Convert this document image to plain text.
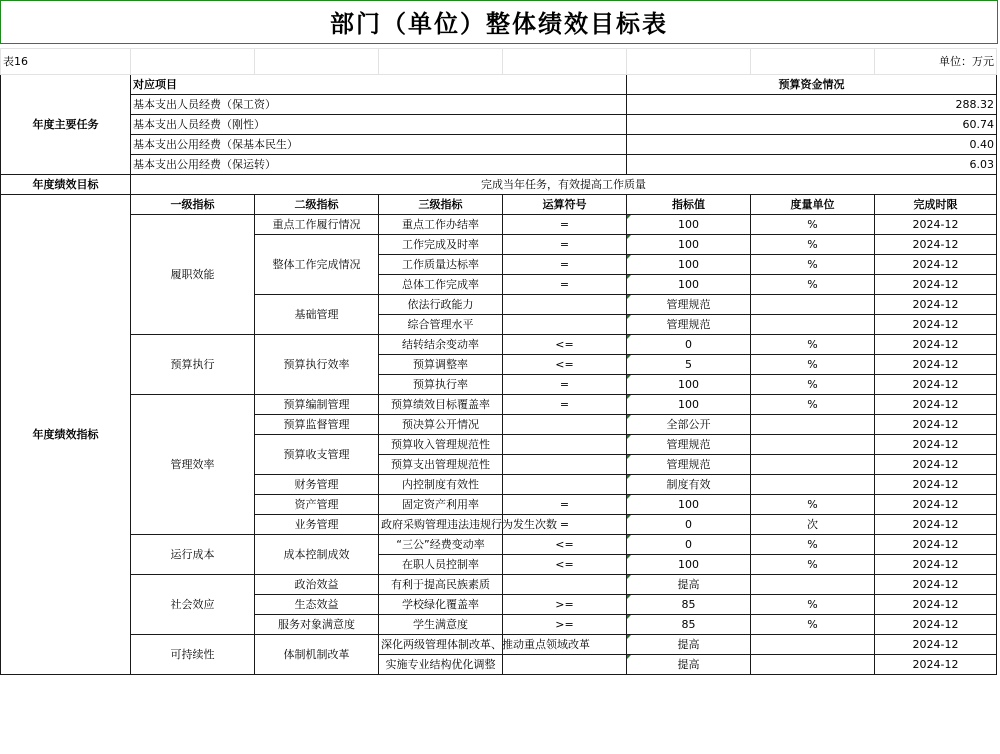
部门（单位）整体绩效目标表
表16							单位：万元
年度主要任务	对应项目				预算资金情况		
	基本支出人员经费（保工资）				288.32		
	基本支出人员经费（刚性）				60.74		
	基本支出公用经费（保基本民生）				0.40		
	基本支出公用经费（保运转）				6.03		
年度绩效目标	完成当年任务，有效提高工作质量						
年度绩效指标	一级指标	二级指标	三级指标	运算符号	指标值	度量单位	完成时限
	履职效能	重点工作履行情况	重点工作办结率	=	100	%	2024-12
		整体工作完成情况	工作完成及时率	=	100	%	2024-12
			工作质量达标率	=	100	%	2024-12
			总体工作完成率	=	100	%	2024-12
		基础管理	依法行政能力		管理规范		2024-12
			综合管理水平		管理规范		2024-12
	预算执行	预算执行效率	结转结余变动率	<=	0	%	2024-12
			预算调整率	<=	5	%	2024-12
			预算执行率	=	100	%	2024-12
	管理效率	预算编制管理	预算绩效目标覆盖率	=	100	%	2024-12
		预算监督管理	预决算公开情况		全部公开		2024-12
		预算收支管理	预算收入管理规范性		管理规范		2024-12
			预算支出管理规范性		管理规范		2024-12
		财务管理	内控制度有效性		制度有效		2024-12
		资产管理	固定资产利用率	=	100	%	2024-12
		业务管理	政府采购管理违法违规行为发生次数	=	0	次	2024-12
	运行成本	成本控制成效	“三公”经费变动率	<=	0	%	2024-12
			在职人员控制率	<=	100	%	2024-12
	社会效应	政治效益	有利于提高民族素质		提高		2024-12
		生态效益	学校绿化覆盖率	>=	85	%	2024-12
		服务对象满意度	学生满意度	>=	85	%	2024-12
	可持续性	体制机制改革	深化两级管理体制改革、推动重点领域改革		提高		2024-12
			实施专业结构优化调整		提高		2024-12
